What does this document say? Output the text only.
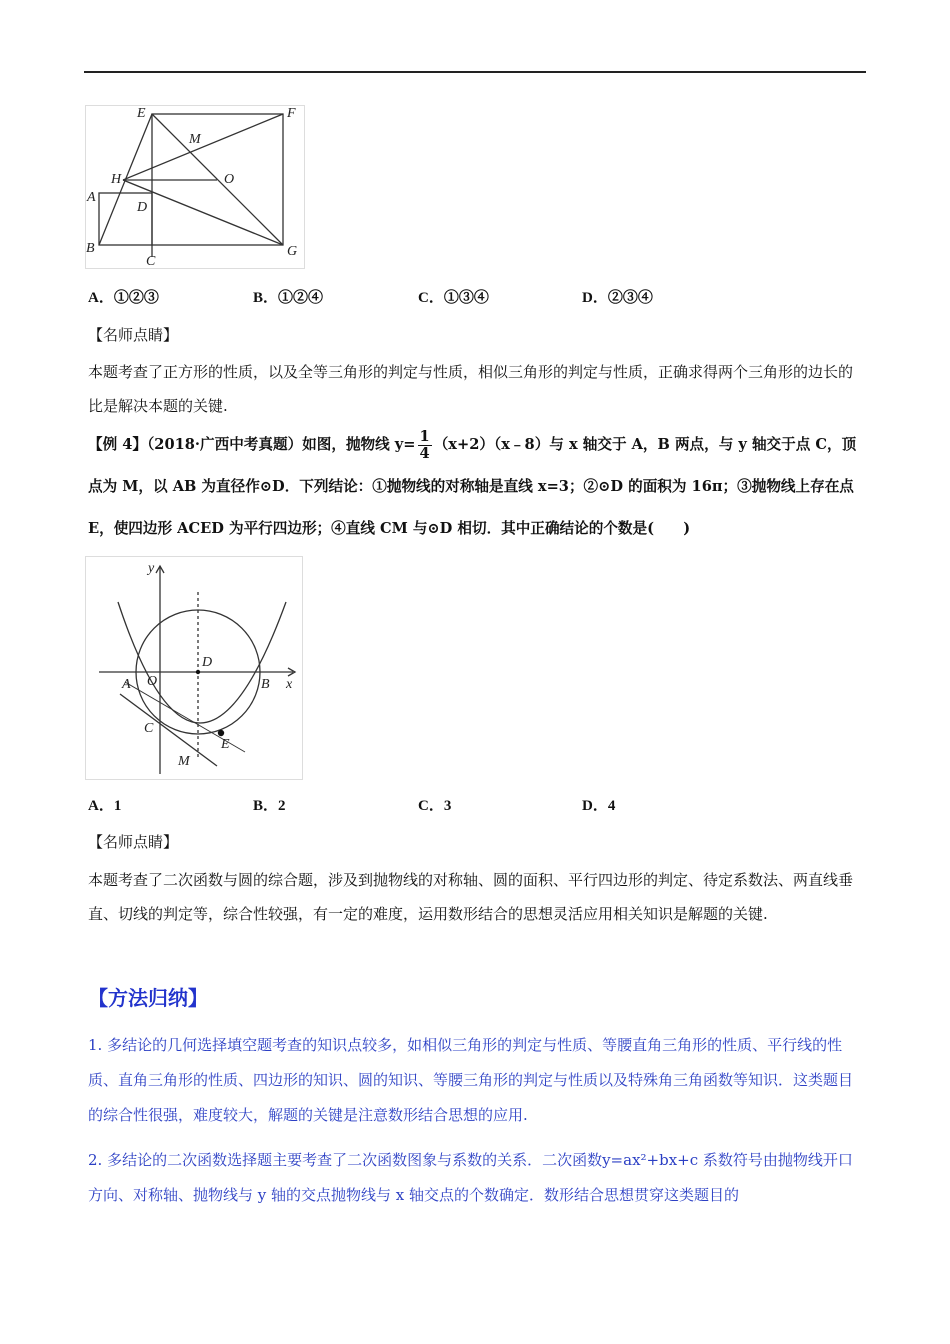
E	F
M
H	O
A
D
B
C
G
A．①②③	B．①②④	C．①③④	D．②③④
【名师点睛】
本题考查了正方形的性质，以及全等三角形的判定与性质，相似三角形的判定与性质，正确求得两个三角形的边长的比是解决本题的关键.
【例 4】（2018·广西中考真题）如图，抛物线 $y= \frac{1}{4}$ （x+2）（x﹣8）与 x 轴交于 A，B 两点，与 y 轴交于点 C，顶点为 M，以 AB 为直径作⊙D．下列结论：①抛物线的对称轴是直线 x=3；②⊙D 的面积为 16π；③抛物线上存在点 E，使四边形 ACED 为平行四边形；④直线 CM 与⊙D 相切．其中正确结论的个数是(　　)
y
x
D
A O	B
C
E
M
A．1	B．2	C．3	D．4
【名师点睛】
本题考查了二次函数与圆的综合题，涉及到抛物线的对称轴、圆的面积、平行四边形的判定、待定系数法、两直线垂直、切线的判定等，综合性较强，有一定的难度，运用数形结合的思想灵活应用相关知识是解题的关键.
【方法归纳】
1. 多结论的几何选择填空题考查的知识点较多，如相似三角形的判定与性质、等腰直角三角形的性质、平行线的性质、直角三角形的性质、四边形的知识、圆的知识、等腰三角形的判定与性质以及特殊角三角函数等知识．这类题目的综合性很强，难度较大，解题的关键是注意数形结合思想的应用.
2. 多结论的二次函数选择题主要考查了二次函数图象与系数的关系．二次函数y=ax²+bx+c 系数符号由抛物线开口方向、对称轴、抛物线与 y 轴的交点抛物线与 x 轴交点的个数确定．数形结合思想贯穿这类题目的
